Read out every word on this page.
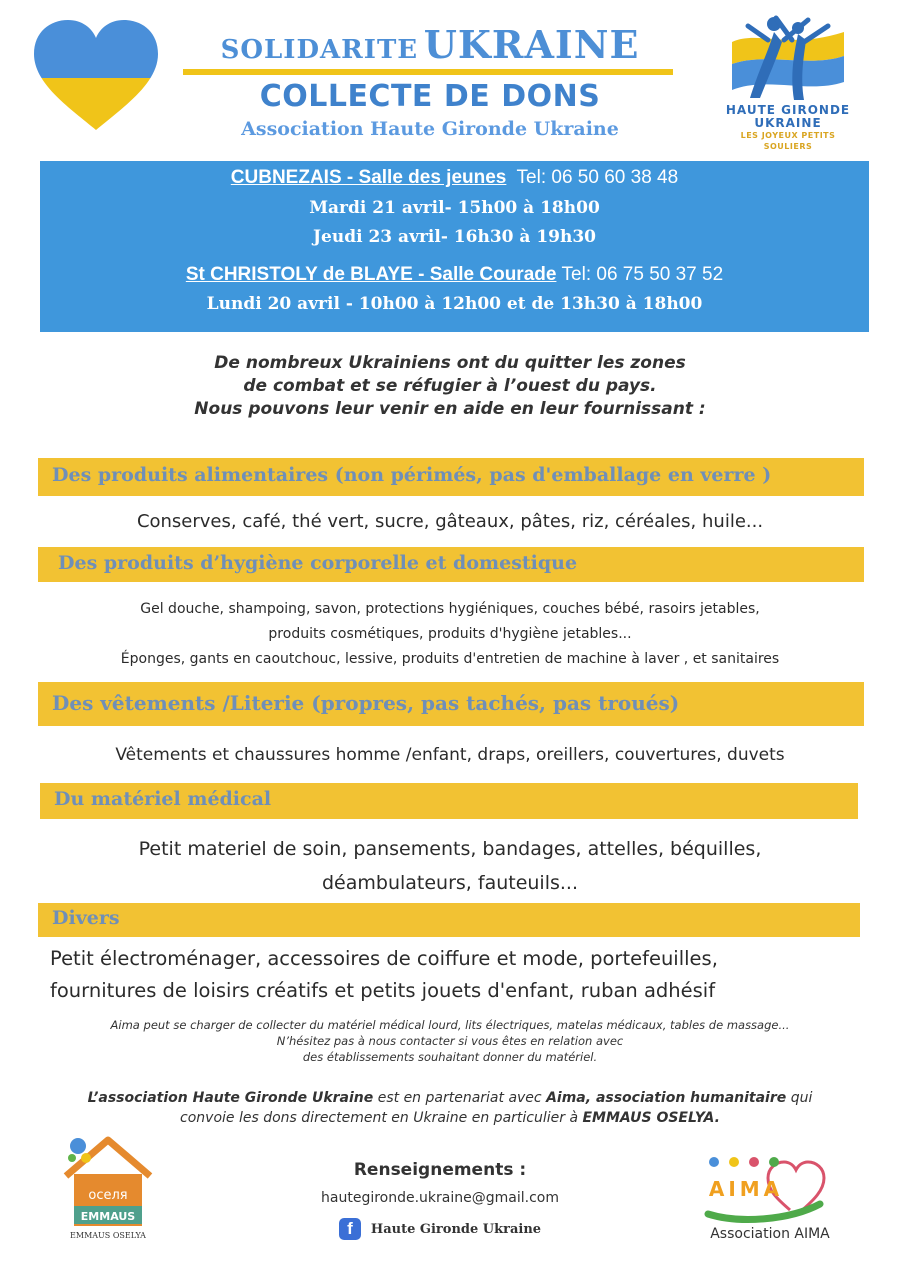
SOLIDARITE UKRAINE
COLLECTE DE DONS
Association Haute Gironde Ukraine
HAUTE GIRONDE
UKRAINE
LES JOYEUX PETITS SOULIERS
CUBNEZAIS - Salle des jeunes Tel: 06 50 60 38 48
Mardi 21 avril- 15h00 à 18h00
Jeudi 23 avril- 16h30 à 19h30
St CHRISTOLY de BLAYE - Salle Courade Tel: 06 75 50 37 52
Lundi 20 avril - 10h00 à 12h00 et de 13h30 à 18h00
De nombreux Ukrainiens ont du quitter les zones
de combat et se réfugier à l’ouest du pays.
Nous pouvons leur venir en aide en leur fournissant :
Des produits alimentaires (non périmés, pas d'emballage en verre )
Conserves, café, thé vert, sucre, gâteaux, pâtes, riz, céréales, huile...
Des produits d’hygiène corporelle et domestique
Gel douche, shampoing, savon, protections hygiéniques, couches bébé, rasoirs jetables,
produits cosmétiques, produits d'hygiène jetables...
Éponges, gants en caoutchouc, lessive, produits d'entretien de machine à laver , et sanitaires
Des vêtements /Literie (propres, pas tachés, pas troués)
Vêtements et chaussures homme /enfant, draps, oreillers, couvertures, duvets
Du matériel médical
Petit materiel de soin, pansements, bandages, attelles, béquilles,
déambulateurs, fauteuils...
Divers
Petit électroménager, accessoires de coiffure et mode, portefeuilles,
fournitures de loisirs créatifs et petits jouets d'enfant, ruban adhésif
Aima peut se charger de collecter du matériel médical lourd, lits électriques, matelas médicaux, tables de massage...
N’hésitez pas à nous contacter si vous êtes en relation avec
des établissements souhaitant donner du matériel.
L’association Haute Gironde Ukraine est en partenariat avec Aima, association humanitaire qui
convoie les dons directement en Ukraine en particulier à EMMAUS OSELYA.
оселя
EMMAUS
EMMAUS OSELYA
Renseignements :
hautegironde.ukraine@gmail.com
f	Haute Gironde Ukraine
AIMA
Association AIMA
